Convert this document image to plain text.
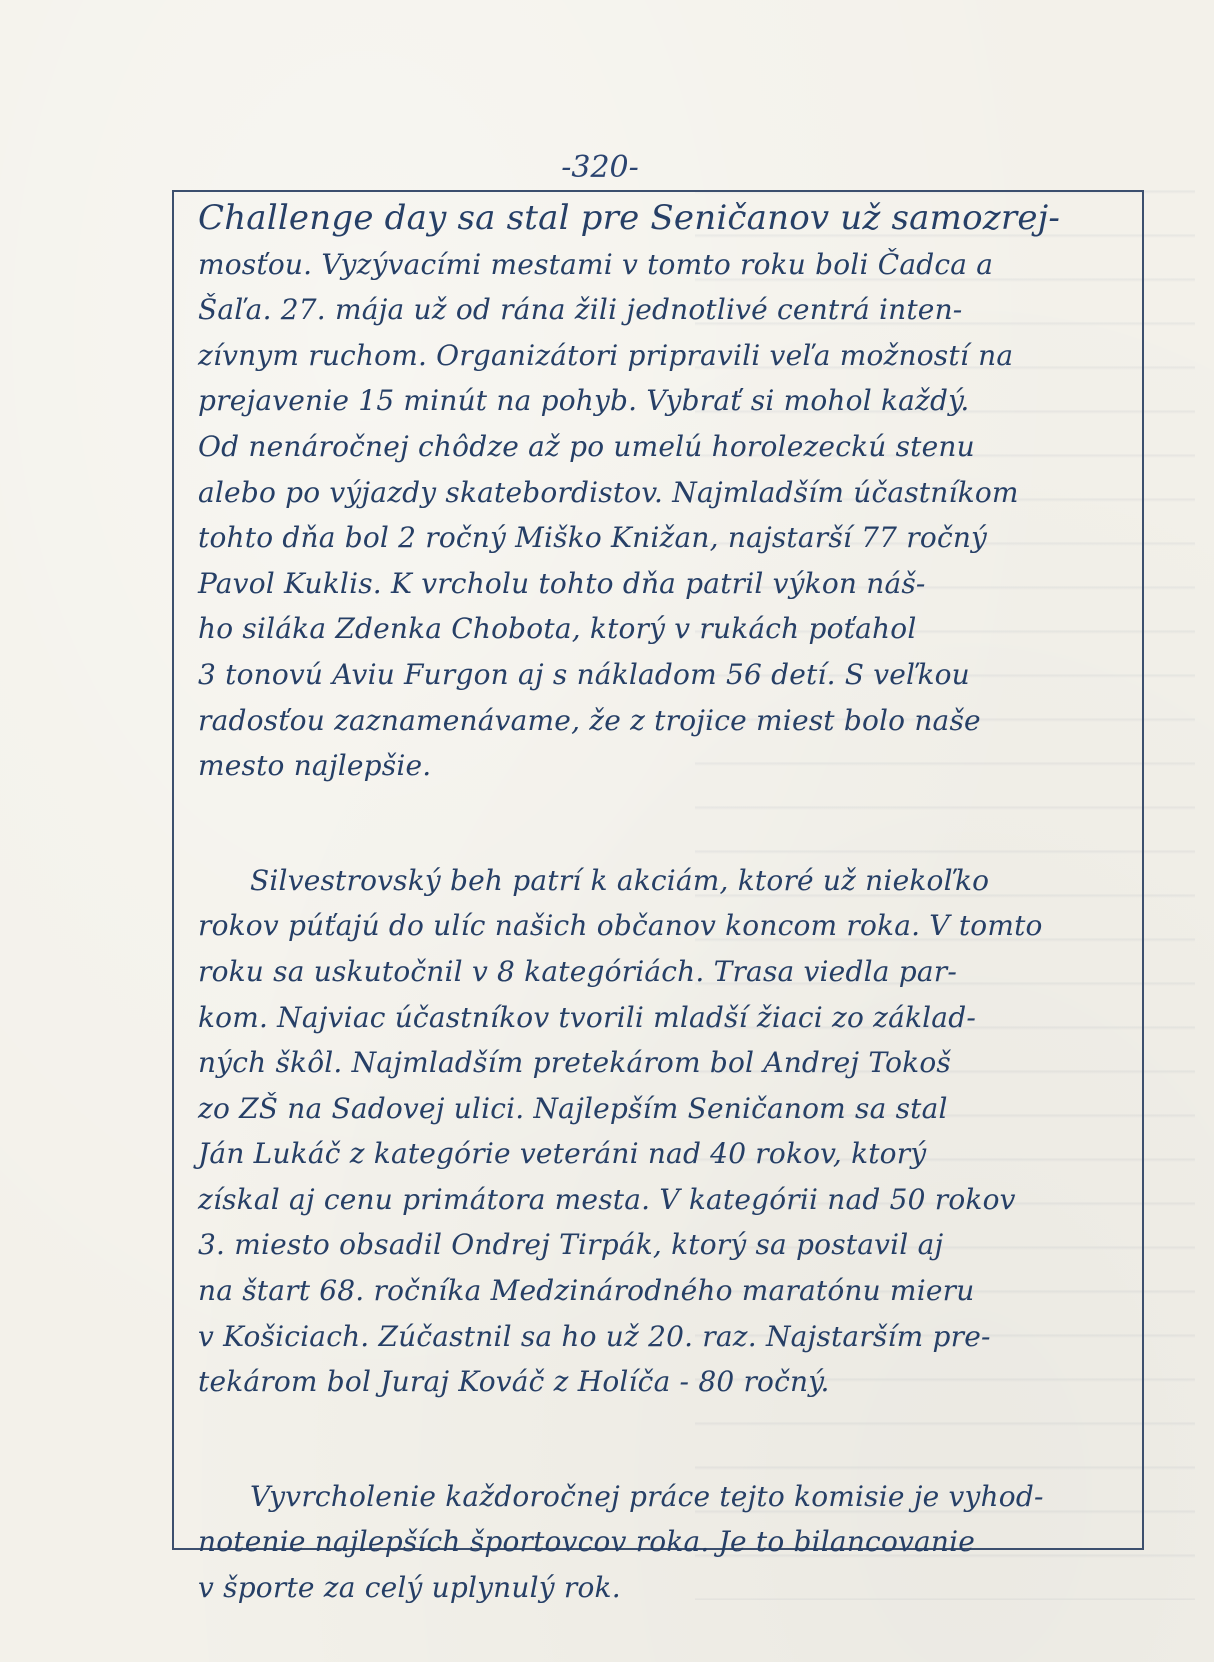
-320-
Challenge day sa stal pre Seničanov už samozrej-
mosťou. Vyzývacími mestami v tomto roku boli Čadca a
Šaľa. 27. mája už od rána žili jednotlivé centrá inten-
zívnym ruchom. Organizátori pripravili veľa možností na
prejavenie 15 minút na pohyb. Vybrať si mohol každý.
Od nenáročnej chôdze až po umelú horolezeckú stenu
alebo po výjazdy skatebordistov. Najmladším účastníkom
tohto dňa bol 2 ročný Miško Knižan, najstarší 77 ročný
Pavol Kuklis. K vrcholu tohto dňa patril výkon náš-
ho siláka Zdenka Chobota, ktorý v rukách poťahol
3 tonovú Aviu Furgon aj s nákladom 56 detí. S veľkou
radosťou zaznamenávame, že z trojice miest bolo naše
mesto najlepšie.
Silvestrovský beh patrí k akciám, ktoré už niekoľko
rokov púťajú do ulíc našich občanov koncom roka. V tomto
roku sa uskutočnil v 8 kategóriách. Trasa viedla par-
kom. Najviac účastníkov tvorili mladší žiaci zo základ-
ných škôl. Najmladším pretekárom bol Andrej Tokoš
zo ZŠ na Sadovej ulici. Najlepším Seničanom sa stal
Ján Lukáč z kategórie veteráni nad 40 rokov, ktorý
získal aj cenu primátora mesta. V kategórii nad 50 rokov
3. miesto obsadil Ondrej Tirpák, ktorý sa postavil aj
na štart 68. ročníka Medzinárodného maratónu mieru
v Košiciach. Zúčastnil sa ho už 20. raz. Najstarším pre-
tekárom bol Juraj Kováč z Holíča - 80 ročný.
Vyvrcholenie každoročnej práce tejto komisie je vyhod-
notenie najlepších športovcov roka. Je to bilancovanie
v športe za celý uplynulý rok.
